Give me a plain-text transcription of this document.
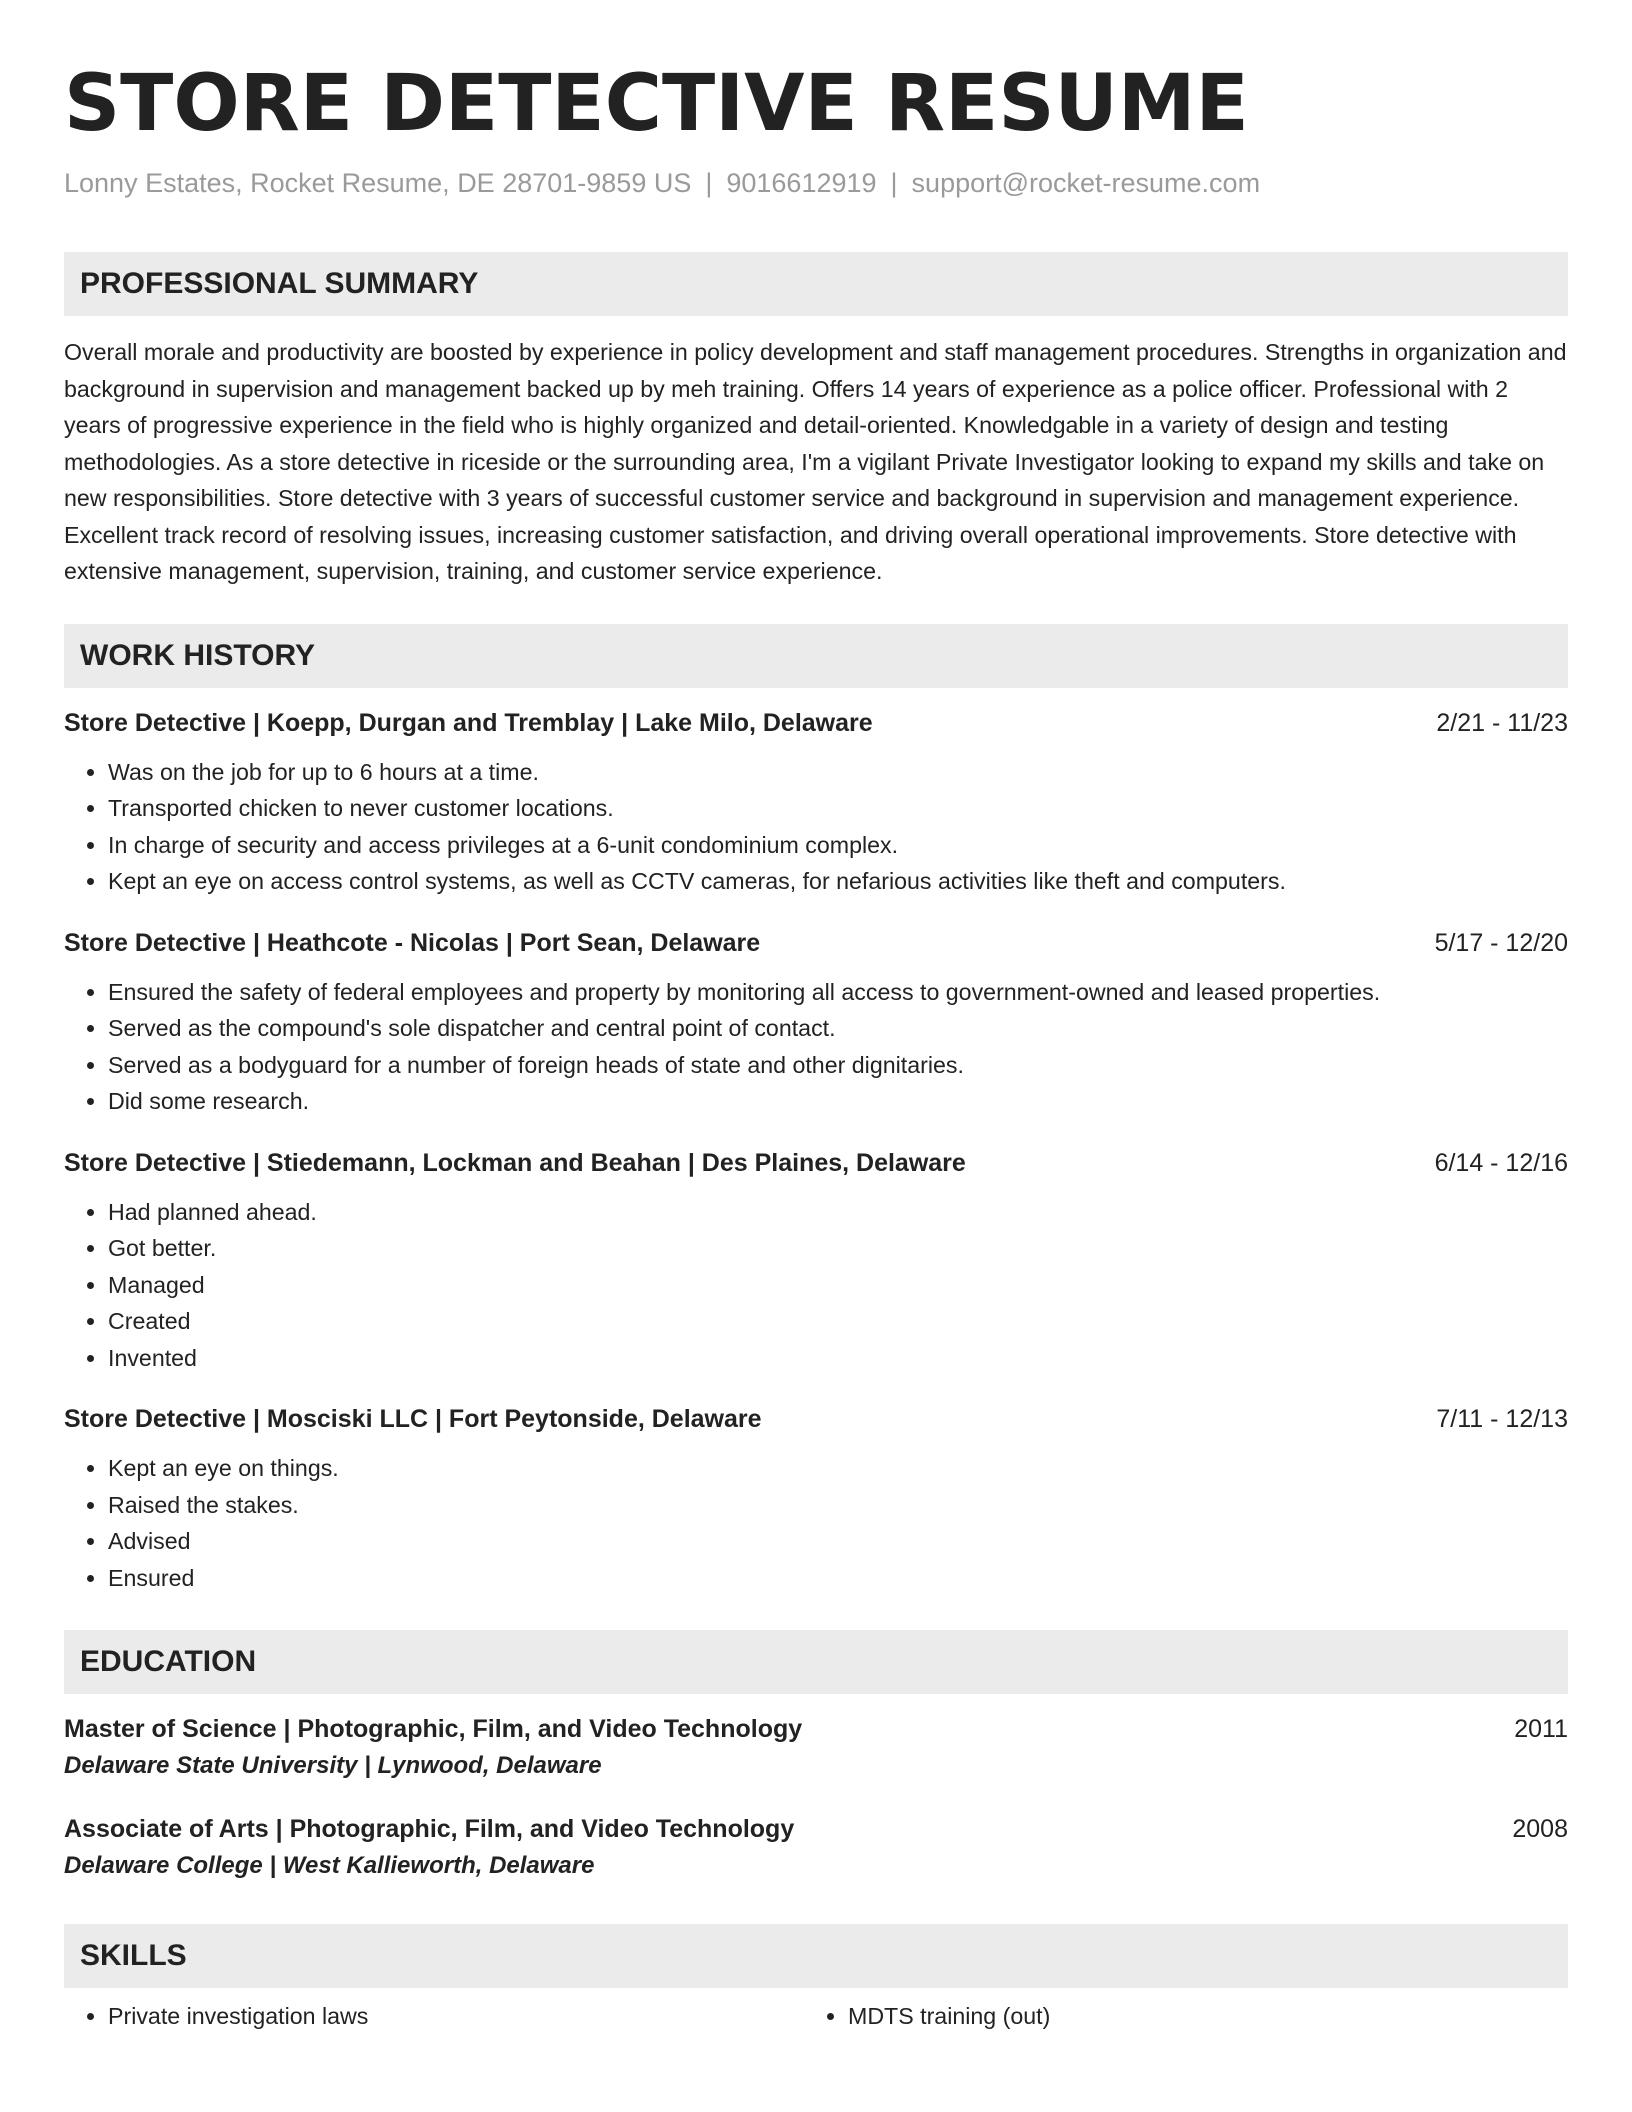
STORE DETECTIVE RESUME
Lonny Estates, Rocket Resume, DE 28701-9859 US | 9016612919 | support@rocket-resume.com
PROFESSIONAL SUMMARY
Overall morale and productivity are boosted by experience in policy development and staff management procedures. Strengths in organization and background in supervision and management backed up by meh training. Offers 14 years of experience as a police officer. Professional with 2 years of progressive experience in the field who is highly organized and detail-oriented. Knowledgable in a variety of design and testing methodologies. As a store detective in riceside or the surrounding area, I'm a vigilant Private Investigator looking to expand my skills and take on new responsibilities. Store detective with 3 years of successful customer service and background in supervision and management experience. Excellent track record of resolving issues, increasing customer satisfaction, and driving overall operational improvements. Store detective with extensive management, supervision, training, and customer service experience.
WORK HISTORY
Store Detective | Koepp, Durgan and Tremblay | Lake Milo, Delaware	2/21 - 11/23
• Was on the job for up to 6 hours at a time.
• Transported chicken to never customer locations.
• In charge of security and access privileges at a 6-unit condominium complex.
• Kept an eye on access control systems, as well as CCTV cameras, for nefarious activities like theft and computers.
Store Detective | Heathcote - Nicolas | Port Sean, Delaware	5/17 - 12/20
• Ensured the safety of federal employees and property by monitoring all access to government-owned and leased properties.
• Served as the compound's sole dispatcher and central point of contact.
• Served as a bodyguard for a number of foreign heads of state and other dignitaries.
• Did some research.
Store Detective | Stiedemann, Lockman and Beahan | Des Plaines, Delaware	6/14 - 12/16
• Had planned ahead.
• Got better.
• Managed
• Created
• Invented
Store Detective | Mosciski LLC | Fort Peytonside, Delaware	7/11 - 12/13
• Kept an eye on things.
• Raised the stakes.
• Advised
• Ensured
EDUCATION
Master of Science | Photographic, Film, and Video Technology	2011
Delaware State University | Lynwood, Delaware
Associate of Arts | Photographic, Film, and Video Technology	2008
Delaware College | West Kallieworth, Delaware
SKILLS
• Private investigation laws
•	MDTS training (out)
